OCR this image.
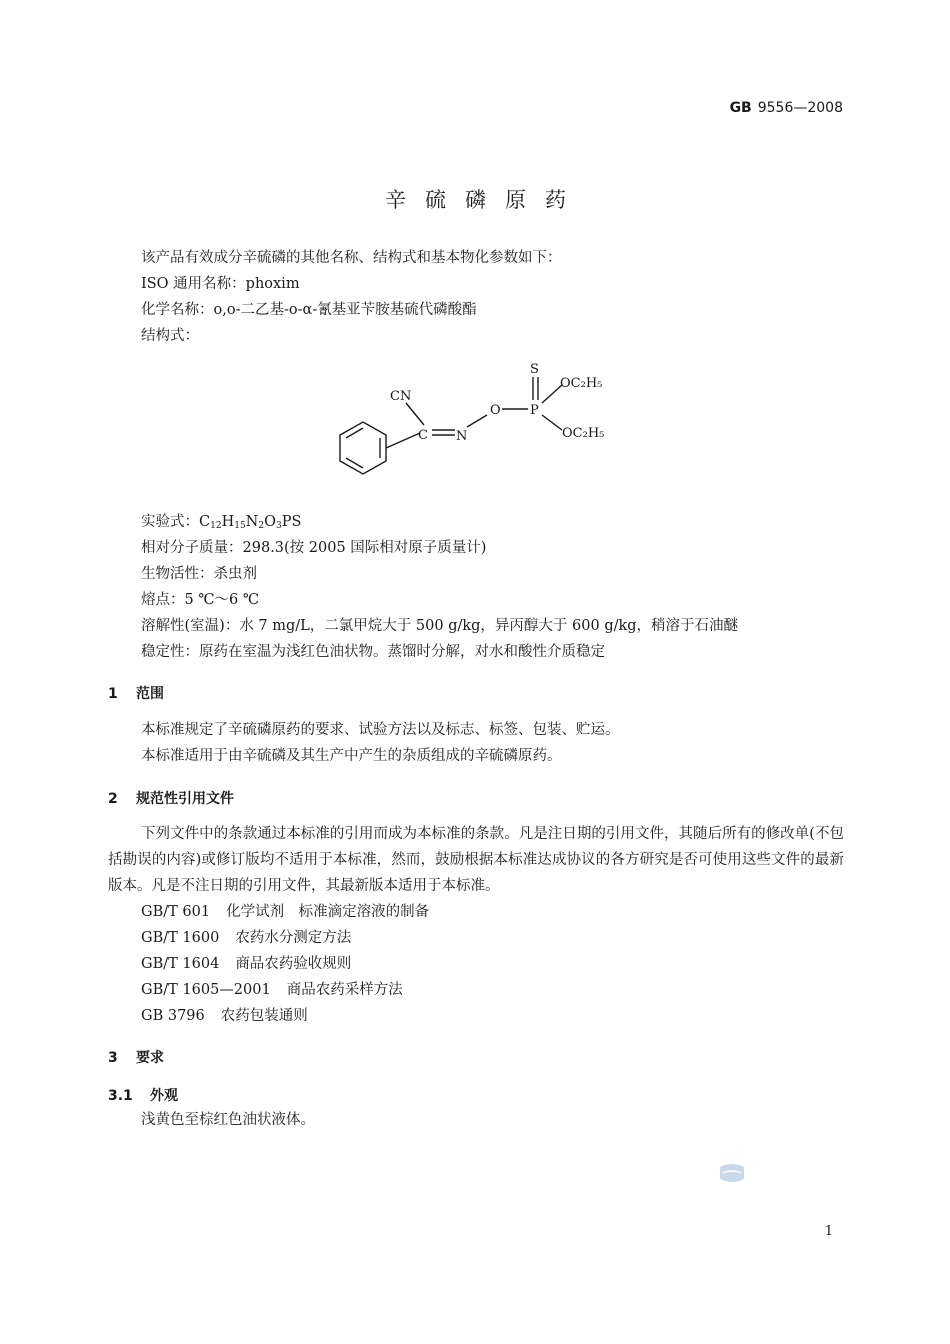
GB 9556—2008
辛硫磷原药
该产品有效成分辛硫磷的其他名称、结构式和基本物化参数如下：
ISO 通用名称：phoxim
化学名称：o,o-二乙基-o-α-氰基亚苄胺基硫代磷酸酯
结构式：
CN
C N
O P
S
OC₂H₅
OC₂H₅
实验式：$C_{12}H_{15}N_2O_3PS$
相对分子质量：298.3(按 2005 国际相对原子质量计)
生物活性：杀虫剂
熔点：5 ℃～6 ℃
溶解性(室温)：水 7 mg/L，二氯甲烷大于 500 g/kg，异丙醇大于 600 g/kg，稍溶于石油醚
稳定性：原药在室温为浅红色油状物。蒸馏时分解，对水和酸性介质稳定
1 范围
本标准规定了辛硫磷原药的要求、试验方法以及标志、标签、包装、贮运。
本标准适用于由辛硫磷及其生产中产生的杂质组成的辛硫磷原药。
2 规范性引用文件
下列文件中的条款通过本标准的引用而成为本标准的条款。凡是注日期的引用文件，其随后所有的修改单(不包括勘误的内容)或修订版均不适用于本标准，然而，鼓励根据本标准达成协议的各方研究是否可使用这些文件的最新版本。凡是不注日期的引用文件，其最新版本适用于本标准。
GB/T 601 化学试剂　标准滴定溶液的制备
GB/T 1600 农药水分测定方法
GB/T 1604 商品农药验收规则
GB/T 1605—2001 商品农药采样方法
GB 3796 农药包装通则
3 要求
3.1 外观
浅黄色至棕红色油状液体。
1
